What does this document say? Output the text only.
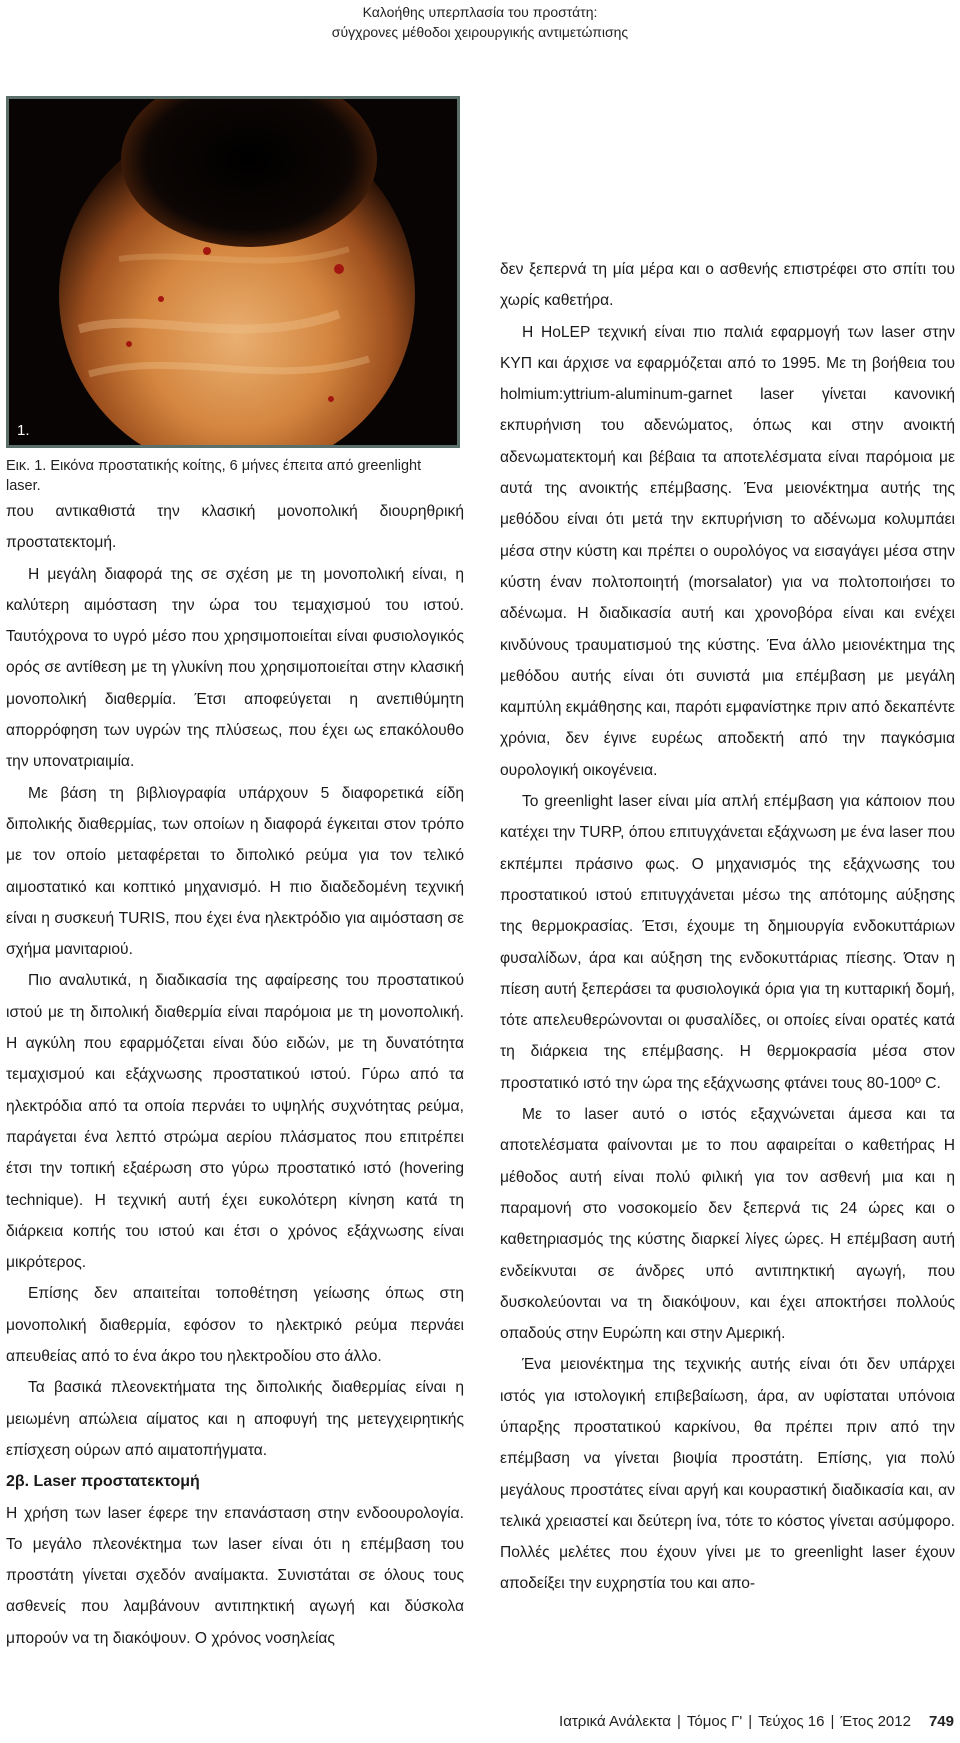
Καλοήθης υπερπλασία του προστάτη:
σύγχρονες μέθοδοι χειρουργικής αντιμετώπισης
1.
Εικ. 1. Εικόνα προστατικής κοίτης, 6 μήνες έπειτα από greenlight laser.

που αντικαθιστά την κλασική μονοπολική διουρηθρική προστατεκτομή.

Η μεγάλη διαφορά της σε σχέση με τη μονοπολική είναι, η καλύτερη αιμόσταση την ώρα του τεμαχισμού του ιστού. Ταυτόχρονα το υγρό μέσο που χρησιμοποιείται είναι φυσιολογικός ορός σε αντίθεση με τη γλυκίνη που χρησιμοποιείται στην κλασική μονοπολική διαθερμία. Έτσι αποφεύγεται η ανεπιθύμητη απορρόφηση των υγρών της πλύσεως, που έχει ως επακόλουθο την υπονατριαιμία.

Με βάση τη βιβλιογραφία υπάρχουν 5 διαφορετικά είδη διπολικής διαθερμίας, των οποίων η διαφορά έγκειται στον τρόπο με τον οποίο μεταφέρεται το διπολικό ρεύμα για τον τελικό αιμοστατικό και κοπτικό μηχανισμό. Η πιο διαδεδομένη τεχνική είναι η συσκευή TURIS, που έχει ένα ηλεκτρόδιο για αιμόσταση σε σχήμα μανιταριού.

Πιο αναλυτικά, η διαδικασία της αφαίρεσης του προστατικού ιστού με τη διπολική διαθερμία είναι παρόμοια με τη μονοπολική. Η αγκύλη που εφαρμόζεται είναι δύο ειδών, με τη δυνατότητα τεμαχισμού και εξάχνωσης προστατικού ιστού. Γύρω από τα ηλεκτρόδια από τα οποία περνάει το υψηλής συχνότητας ρεύμα, παράγεται ένα λεπτό στρώμα αερίου πλάσματος που επιτρέπει έτσι την τοπική εξαέρωση στο γύρω προστατικό ιστό (hovering technique). Η τεχνική αυτή έχει ευκολότερη κίνηση κατά τη διάρκεια κοπής του ιστού και έτσι ο χρόνος εξάχνωσης είναι μικρότερος.

Επίσης δεν απαιτείται τοποθέτηση γείωσης όπως στη μονοπολική διαθερμία, εφόσον το ηλεκτρικό ρεύμα περνάει απευθείας από το ένα άκρο του ηλεκτροδίου στο άλλο.

Τα βασικά πλεονεκτήματα της διπολικής διαθερμίας είναι η μειωμένη απώλεια αίματος και η αποφυγή της μετεγχειρητικής επίσχεση ούρων από αιματοπήγματα.

2β. Laser προστατεκτομή

Η χρήση των laser έφερε την επανάσταση στην ενδοουρολογία. Το μεγάλο πλεονέκτημα των laser είναι ότι η επέμβαση του προστάτη γίνεται σχεδόν αναίμακτα. Συνιστάται σε όλους τους ασθενείς που λαμβάνουν αντιπηκτική αγωγή και δύσκολα μπορούν να τη διακόψουν. Ο χρόνος νοσηλείας

δεν ξεπερνά τη μία μέρα και ο ασθενής επιστρέφει στο σπίτι του χωρίς καθετήρα.

Η HoLEP τεχνική είναι πιο παλιά εφαρμογή των laser στην ΚΥΠ και άρχισε να εφαρμόζεται από το 1995. Με τη βοήθεια του holmium:yttrium-aluminum-garnet laser γίνεται κανονική εκπυρήνιση του αδενώματος, όπως και στην ανοικτή αδενωματεκτομή και βέβαια τα αποτελέσματα είναι παρόμοια με αυτά της ανοικτής επέμβασης. Ένα μειονέκτημα αυτής της μεθόδου είναι ότι μετά την εκπυρήνιση το αδένωμα κολυμπάει μέσα στην κύστη και πρέπει ο ουρολόγος να εισαγάγει μέσα στην κύστη έναν πολτοποιητή (morsalator) για να πολτοποιήσει το αδένωμα. Η διαδικασία αυτή και χρονοβόρα είναι και ενέχει κινδύνους τραυματισμού της κύστης. Ένα άλλο μειονέκτημα της μεθόδου αυτής είναι ότι συνιστά μια επέμβαση με μεγάλη καμπύλη εκμάθησης και, παρότι εμφανίστηκε πριν από δεκαπέντε χρόνια, δεν έγινε ευρέως αποδεκτή από την παγκόσμια ουρολογική οικογένεια.

Το greenlight laser είναι μία απλή επέμβαση για κάποιον που κατέχει την TURP, όπου επιτυγχάνεται εξάχνωση με ένα laser που εκπέμπει πράσινο φως. Ο μηχανισμός της εξάχνωσης του προστατικού ιστού επιτυγχάνεται μέσω της απότομης αύξησης της θερμοκρασίας. Έτσι, έχουμε τη δημιουργία ενδοκυττάριων φυσαλίδων, άρα και αύξηση της ενδοκυττάριας πίεσης. Όταν η πίεση αυτή ξεπεράσει τα φυσιολογικά όρια για τη κυτταρική δομή, τότε απελευθερώνονται οι φυσαλίδες, οι οποίες είναι ορατές κατά τη διάρκεια της επέμβασης. Η θερμοκρασία μέσα στον προστατικό ιστό την ώρα της εξάχνωσης φτάνει τους 80-100º C.

Με το laser αυτό ο ιστός εξαχνώνεται άμεσα και τα αποτελέσματα φαίνονται με το που αφαιρείται ο καθετήρας Η μέθοδος αυτή είναι πολύ φιλική για τον ασθενή μια και η παραμονή στο νοσοκομείο δεν ξεπερνά τις 24 ώρες και ο καθετηριασμός της κύστης διαρκεί λίγες ώρες. Η επέμβαση αυτή ενδείκνυται σε άνδρες υπό αντιπηκτική αγωγή, που δυσκολεύονται να τη διακόψουν, και έχει αποκτήσει πολλούς οπαδούς στην Ευρώπη και στην Αμερική.

Ένα μειονέκτημα της τεχνικής αυτής είναι ότι δεν υπάρχει ιστός για ιστολογική επιβεβαίωση, άρα, αν υφίσταται υπόνοια ύπαρξης προστατικού καρκίνου, θα πρέπει πριν από την επέμβαση να γίνεται βιοψία προστάτη. Επίσης, για πολύ μεγάλους προστάτες είναι αργή και κουραστική διαδικασία και, αν τελικά χρειαστεί και δεύτερη ίνα, τότε το κόστος γίνεται ασύμφορο. Πολλές μελέτες που έχουν γίνει με το greenlight laser έχουν αποδείξει την ευχρηστία του και απο-

Ιατρικά Ανάλεκτα | Τόμος Γ' | Τεύχος 16 | Έτος 2012 749
